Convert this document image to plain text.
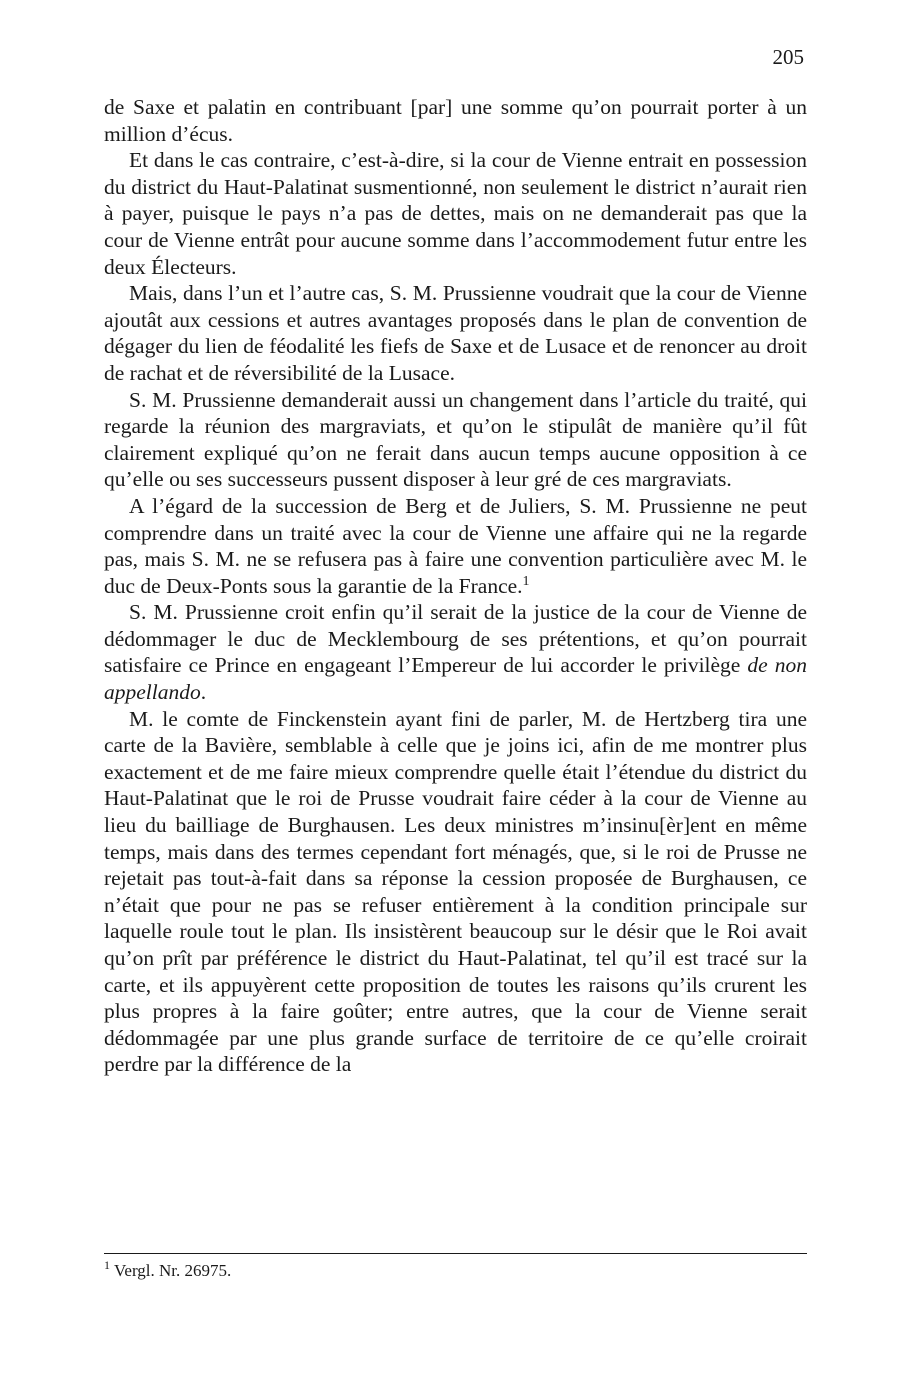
205

de Saxe et palatin en contribuant [par] une somme qu’on pourrait porter à un million d’écus.

Et dans le cas contraire, c’est-à-dire, si la cour de Vienne entrait en possession du district du Haut-Palatinat susmentionné, non seulement le district n’aurait rien à payer, puisque le pays n’a pas de dettes, mais on ne demanderait pas que la cour de Vienne entrât pour aucune somme dans l’accommodement futur entre les deux Électeurs.

Mais, dans l’un et l’autre cas, S. M. Prussienne voudrait que la cour de Vienne ajoutât aux cessions et autres avantages proposés dans le plan de convention de dégager du lien de féodalité les fiefs de Saxe et de Lusace et de renoncer au droit de rachat et de réversibilité de la Lusace.

S. M. Prussienne demanderait aussi un changement dans l’article du traité, qui regarde la réunion des margraviats, et qu’on le stipulât de manière qu’il fût clairement expliqué qu’on ne ferait dans aucun temps aucune opposition à ce qu’elle ou ses successeurs pussent disposer à leur gré de ces margraviats.

A l’égard de la succession de Berg et de Juliers, S. M. Prussienne ne peut comprendre dans un traité avec la cour de Vienne une affaire qui ne la regarde pas, mais S. M. ne se refusera pas à faire une convention particulière avec M. le duc de Deux-Ponts sous la garantie de la France.$^1$

S. M. Prussienne croit enfin qu’il serait de la justice de la cour de Vienne de dédommager le duc de Mecklembourg de ses prétentions, et qu’on pourrait satisfaire ce Prince en engageant l’Empereur de lui accorder le privilège de non appellando.

M. le comte de Finckenstein ayant fini de parler, M. de Hertzberg tira une carte de la Bavière, semblable à celle que je joins ici, afin de me montrer plus exactement et de me faire mieux comprendre quelle était l’étendue du district du Haut-Palatinat que le roi de Prusse voudrait faire céder à la cour de Vienne au lieu du bailliage de Burghausen. Les deux ministres m’insinu[èr]ent en même temps, mais dans des termes cependant fort ménagés, que, si le roi de Prusse ne rejetait pas tout-à-fait dans sa réponse la cession proposée de Burghausen, ce n’était que pour ne pas se refuser entièrement à la condition principale sur laquelle roule tout le plan. Ils insistèrent beaucoup sur le désir que le Roi avait qu’on prît par préférence le district du Haut-Palatinat, tel qu’il est tracé sur la carte, et ils appuyèrent cette proposition de toutes les raisons qu’ils crurent les plus propres à la faire goûter; entre autres, que la cour de Vienne serait dédommagée par une plus grande surface de territoire de ce qu’elle croirait perdre par la différence de la

$^1$ Vergl. Nr. 26975.
